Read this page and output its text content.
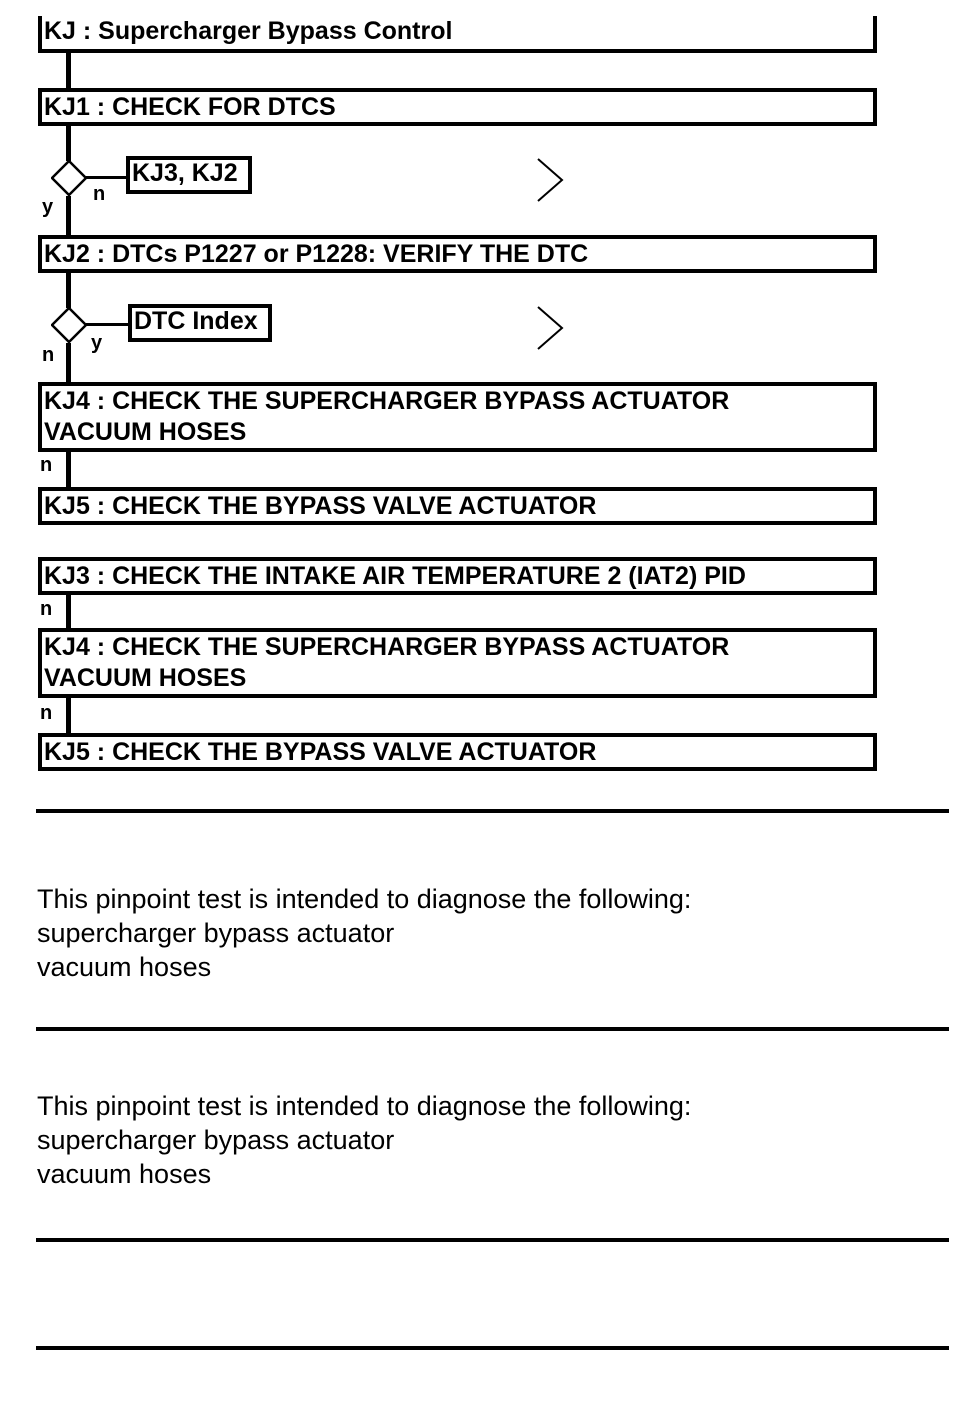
KJ : Supercharger Bypass Control
KJ1 : CHECK FOR DTCS
KJ3, KJ2
n
y
KJ2 : DTCs P1227 or P1228: VERIFY THE DTC
DTC Index
y
n
KJ4 : CHECK THE SUPERCHARGER BYPASS ACTUATOR
VACUUM HOSES
n
KJ5 : CHECK THE BYPASS VALVE ACTUATOR
KJ3 : CHECK THE INTAKE AIR TEMPERATURE 2 (IAT2) PID
n
KJ4 : CHECK THE SUPERCHARGER BYPASS ACTUATOR
VACUUM HOSES
n
KJ5 : CHECK THE BYPASS VALVE ACTUATOR
This pinpoint test is intended to diagnose the following:
supercharger bypass actuator
vacuum hoses
This pinpoint test is intended to diagnose the following:
supercharger bypass actuator
vacuum hoses
